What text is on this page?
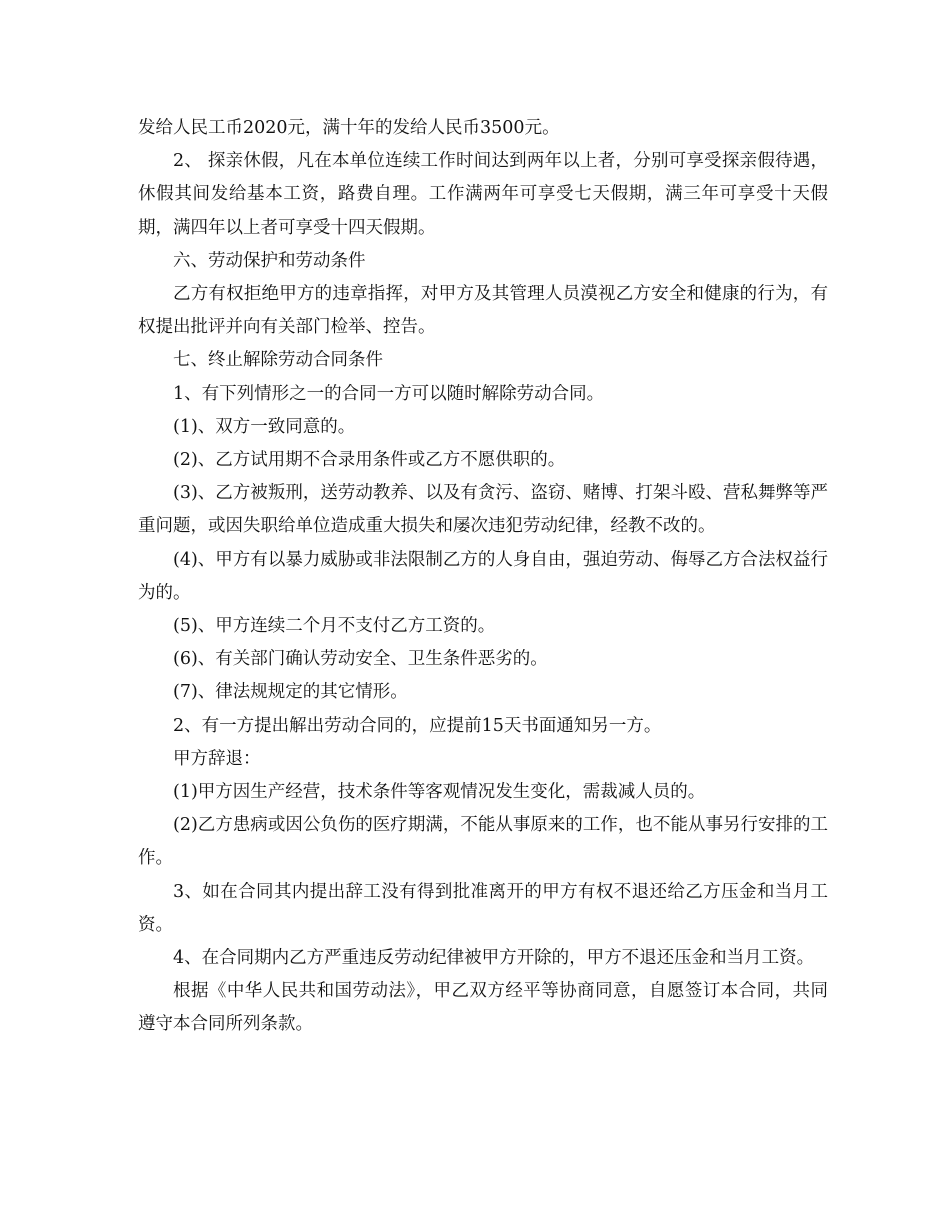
发给人民工币2020元，满十年的发给人民币3500元。

2、 探亲休假，凡在本单位连续工作时间达到两年以上者，分别可享受探亲假待遇，休假其间发给基本工资，路费自理。工作满两年可享受七天假期，满三年可享受十天假期，满四年以上者可享受十四天假期。

六、劳动保护和劳动条件

乙方有权拒绝甲方的违章指挥，对甲方及其管理人员漠视乙方安全和健康的行为，有权提出批评并向有关部门检举、控告。

七、终止解除劳动合同条件

1、有下列情形之一的合同一方可以随时解除劳动合同。

(1)、双方一致同意的。

(2)、乙方试用期不合录用条件或乙方不愿供职的。

(3)、乙方被叛刑，送劳动教养、以及有贪污、盗窃、赌博、打架斗殴、营私舞弊等严重问题，或因失职给单位造成重大损失和屡次违犯劳动纪律，经教不改的。

(4)、甲方有以暴力威胁或非法限制乙方的人身自由，强迫劳动、侮辱乙方合法权益行为的。

(5)、甲方连续二个月不支付乙方工资的。

(6)、有关部门确认劳动安全、卫生条件恶劣的。

(7)、律法规规定的其它情形。

2、有一方提出解出劳动合同的，应提前15天书面通知另一方。

甲方辞退：

(1)甲方因生产经营，技术条件等客观情况发生变化，需裁减人员的。

(2)乙方患病或因公负伤的医疗期满，不能从事原来的工作，也不能从事另行安排的工作。

3、如在合同其内提出辞工没有得到批准离开的甲方有权不退还给乙方压金和当月工资。

4、在合同期内乙方严重违反劳动纪律被甲方开除的，甲方不退还压金和当月工资。

根据《中华人民共和国劳动法》，甲乙双方经平等协商同意，自愿签订本合同，共同遵守本合同所列条款。
